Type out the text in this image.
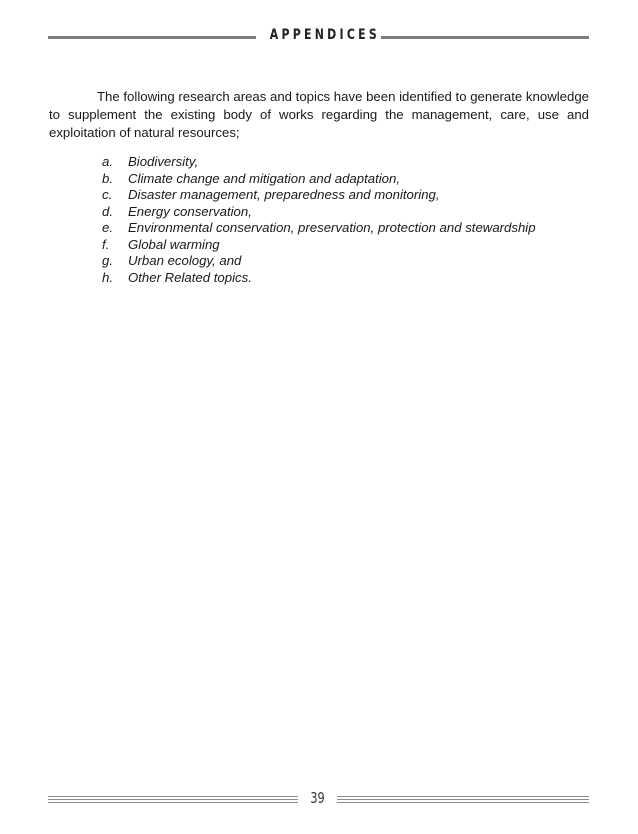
APPENDICES

The following research areas and topics have been identified to generate knowledge to supplement the existing body of works regarding the management, care, use and exploitation of natural resources;

a.	Biodiversity,
b.	Climate change and mitigation and adaptation,
c.	Disaster management, preparedness and monitoring,
d.	Energy conservation,
e.	Environmental conservation, preservation, protection and stewardship
f.	Global warming
g.	Urban ecology, and
h.	Other Related topics.
39
